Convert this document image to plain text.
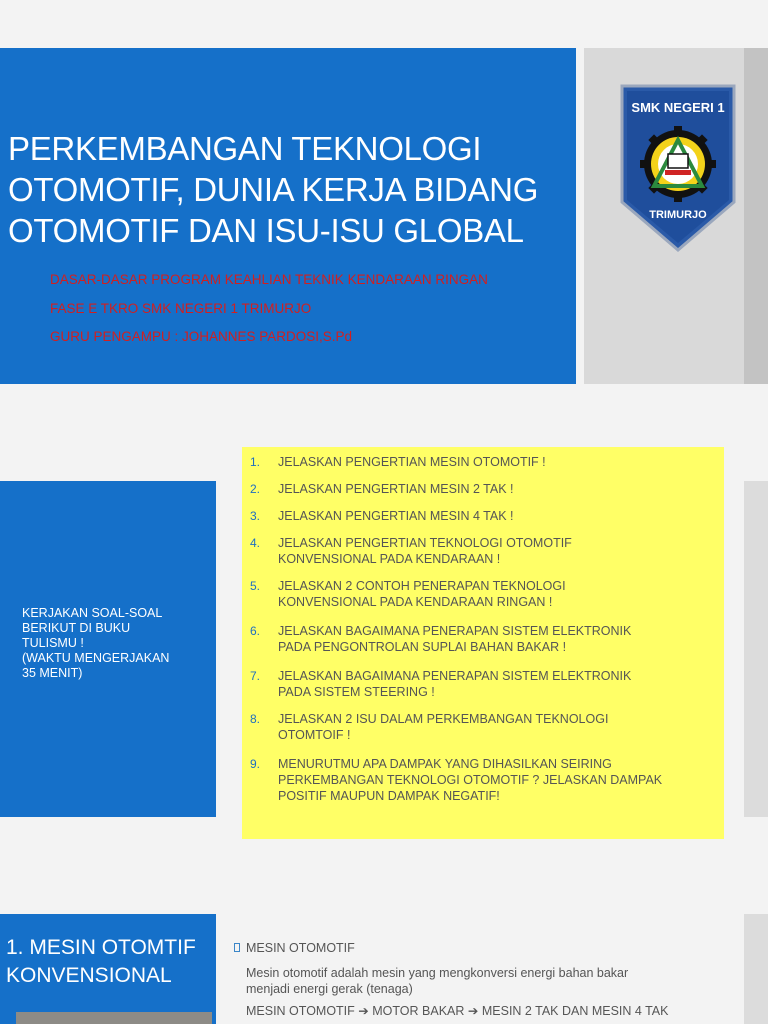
PERKEMBANGAN TEKNOLOGI
OTOMOTIF, DUNIA KERJA BIDANG
OTOMOTIF DAN ISU-ISU GLOBAL
DASAR-DASAR PROGRAM KEAHLIAN TEKNIK KENDARAAN RINGAN
FASE E TKRO SMK NEGERI 1 TRIMURJO
GURU PENGAMPU : JOHANNES PARDOSI,S.Pd
SMK NEGERI 1
TRIMURJO
KERJAKAN SOAL-SOAL
BERIKUT DI BUKU
TULISMU !
(WAKTU MENGERJAKAN
35 MENIT)
1. JELASKAN PENGERTIAN MESIN OTOMOTIF !
2. JELASKAN PENGERTIAN MESIN 2 TAK !
3. JELASKAN PENGERTIAN MESIN 4 TAK !
4. JELASKAN PENGERTIAN TEKNOLOGI OTOMOTIF
KONVENSIONAL PADA KENDARAAN !
5. JELASKAN 2 CONTOH PENERAPAN TEKNOLOGI
KONVENSIONAL PADA KENDARAAN RINGAN !
6. JELASKAN BAGAIMANA PENERAPAN SISTEM ELEKTRONIK
PADA PENGONTROLAN SUPLAI BAHAN BAKAR !
7. JELASKAN BAGAIMANA PENERAPAN SISTEM ELEKTRONIK
PADA SISTEM STEERING !
8. JELASKAN 2 ISU DALAM PERKEMBANGAN TEKNOLOGI
OTOMTOIF !
9. MENURUTMU APA DAMPAK YANG DIHASILKAN SEIRING
PERKEMBANGAN TEKNOLOGI OTOMOTIF ? JELASKAN DAMPAK
POSITIF MAUPUN DAMPAK NEGATIF!
1. MESIN OTOMTIF
KONVENSIONAL
MESIN OTOMOTIF
Mesin otomotif adalah mesin yang mengkonversi energi bahan bakar
menjadi energi gerak (tenaga)
MESIN OTOMOTIF ➔ MOTOR BAKAR ➔ MESIN 2 TAK DAN MESIN 4 TAK
